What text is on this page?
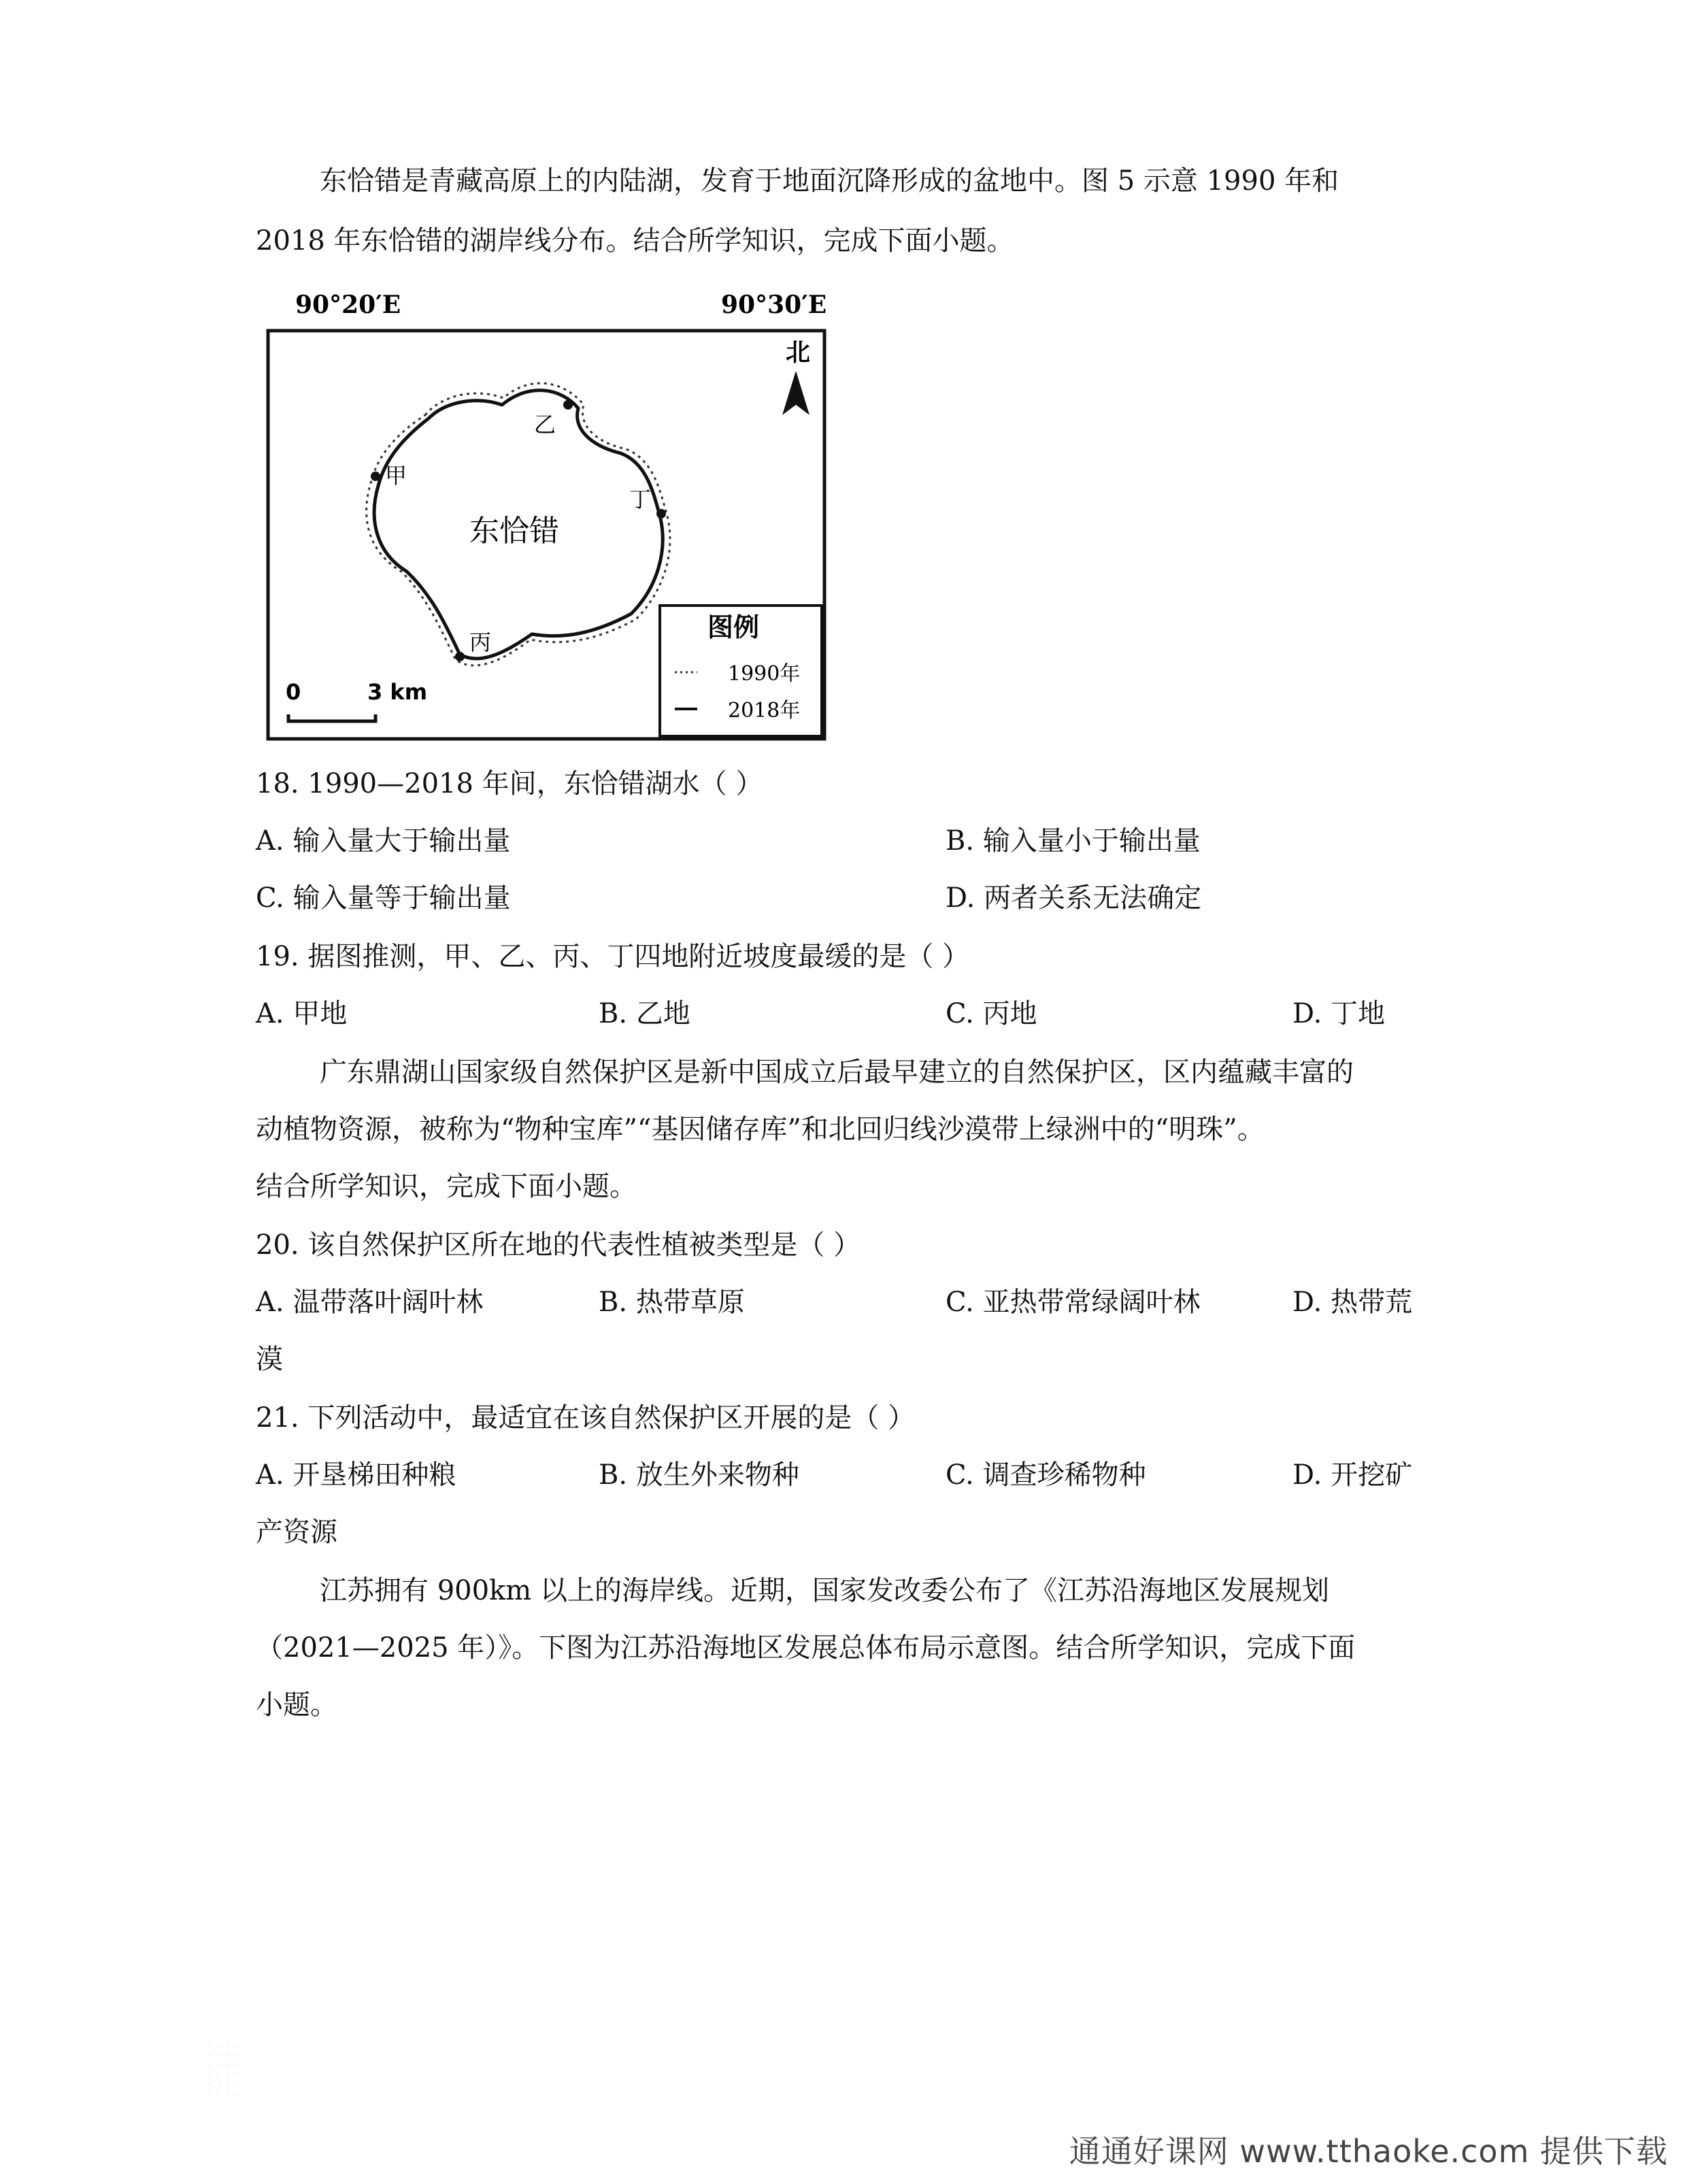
东恰错是青藏高原上的内陆湖，发育于地面沉降形成的盆地中。图 5 示意 1990 年和
2018 年东恰错的湖岸线分布。结合所学知识，完成下面小题。
90°20′E	90°30′E
北
东恰错
甲
乙
丁
丙
0	3 km
图例
1990年
2018年
18. 1990—2018 年间，东恰错湖水（ ）
A. 输入量大于输出量	B. 输入量小于输出量
C. 输入量等于输出量	D. 两者关系无法确定
19. 据图推测，甲、乙、丙、丁四地附近坡度最缓的是（ ）
A. 甲地	B. 乙地	C. 丙地	D. 丁地
广东鼎湖山国家级自然保护区是新中国成立后最早建立的自然保护区，区内蕴藏丰富的
动植物资源，被称为“物种宝库”“基因储存库”和北回归线沙漠带上绿洲中的“明珠”。
结合所学知识，完成下面小题。
20. 该自然保护区所在地的代表性植被类型是（ ）
A. 温带落叶阔叶林	B. 热带草原	C. 亚热带常绿阔叶林	D. 热带荒
漠
21. 下列活动中，最适宜在该自然保护区开展的是（ ）
A. 开垦梯田种粮	B. 放生外来物种	C. 调查珍稀物种	D. 开挖矿
产资源
江苏拥有 900km 以上的海岸线。近期，国家发改委公布了《江苏沿海地区发展规划
（2021—2025 年）》。下图为江苏沿海地区发展总体布局示意图。结合所学知识，完成下面
小题。
通通好课网 www.tthaoke.com 提供下载
